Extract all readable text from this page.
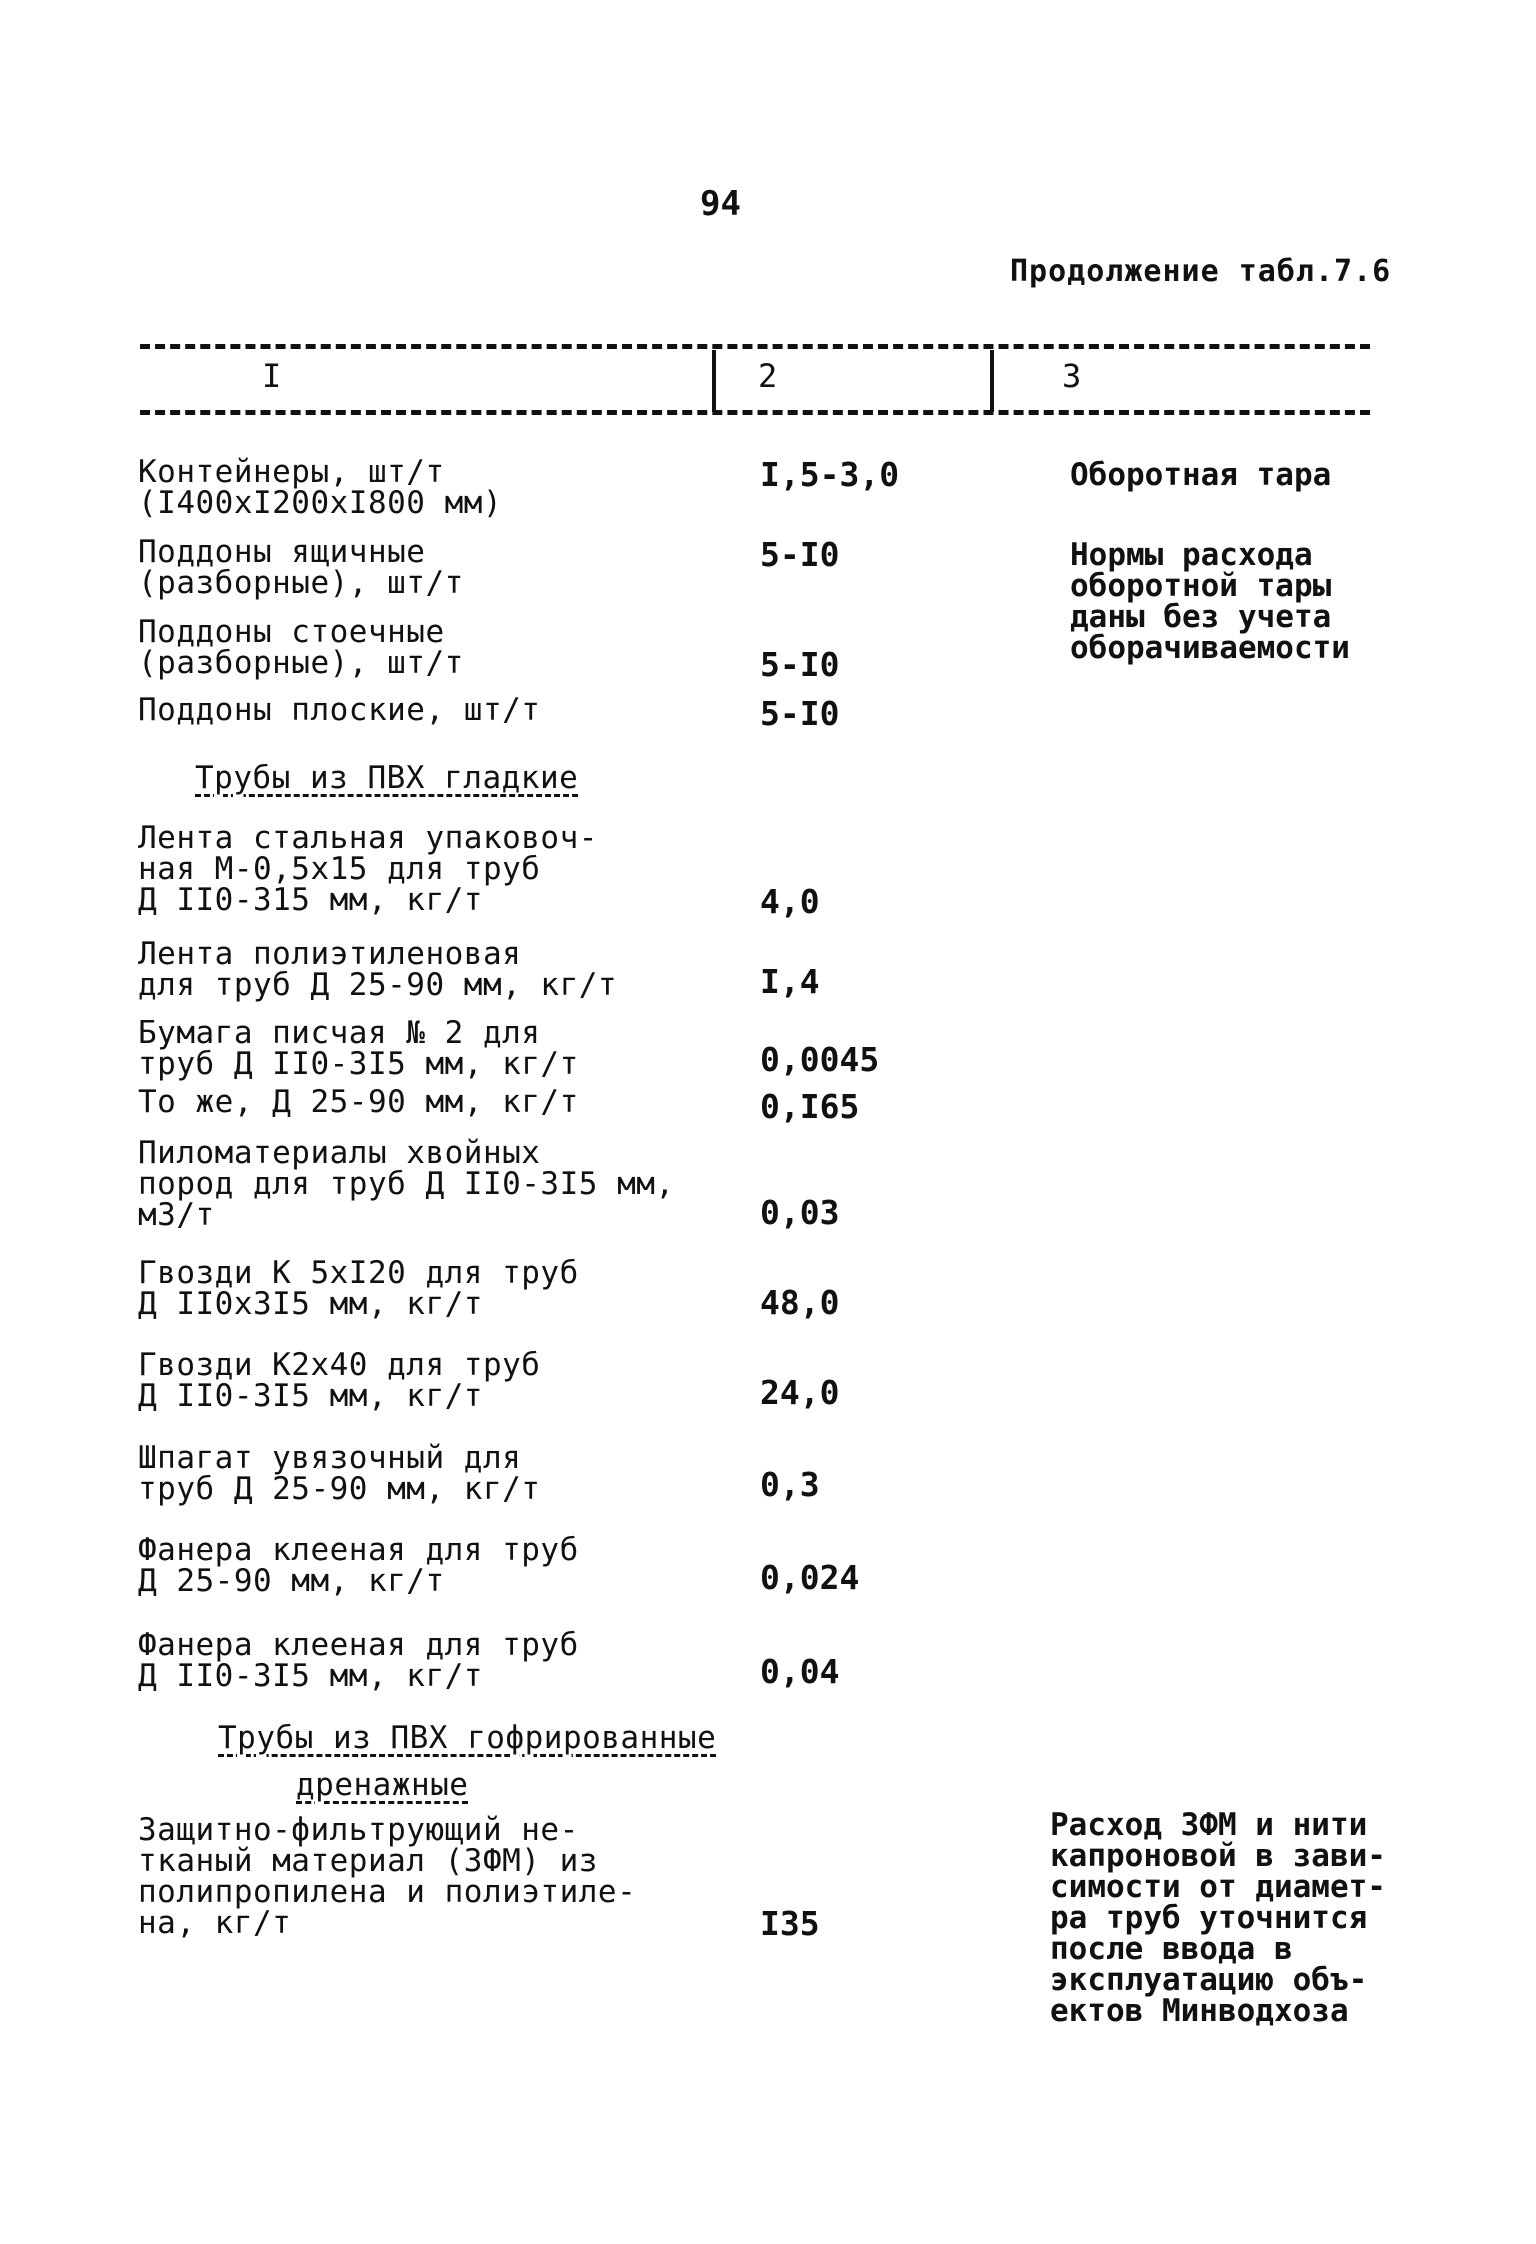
94
Продолжение табл.7.6
I	2	3
Контейнеры, шт/т
(I400xI200xI800 мм)
Поддоны ящичные
(разборные), шт/т
Поддоны стоечные
(разборные), шт/т
Поддоны плоские, шт/т
Трубы из ПВХ гладкие
Лента стальная упаковоч-
ная М-0,5x15 для труб
Д II0-315 мм, кг/т
Лента полиэтиленовая
для труб Д 25-90 мм, кг/т
Бумага писчая № 2 для
труб Д II0-3I5 мм, кг/т
То же, Д 25-90 мм, кг/т
Пиломатериалы хвойных
пород для труб Д II0-3I5 мм,
м3/т
Гвозди К 5xI20 для труб
Д II0x3I5 мм, кг/т
Гвозди К2x40 для труб
Д II0-3I5 мм, кг/т
Шпагат увязочный для
труб Д 25-90 мм, кг/т
Фанера клееная для труб
Д 25-90 мм, кг/т
Фанера клееная для труб
Д II0-3I5 мм, кг/т
Трубы из ПВХ гофрированные
дренажные
Защитно-фильтрующий не-
тканый материал (ЗФМ) из
полипропилена и полиэтиле-
на, кг/т
I,5-3,0
5-I0
5-I0
5-I0
4,0
I,4
0,0045
0,I65
0,03
48,0
24,0
0,3
0,024
0,04
I35
Оборотная тара
Нормы расхода
оборотной тары
даны без учета
оборачиваемости
Расход ЗФМ и нити
капроновой в зави-
симости от диамет-
ра труб уточнится
после ввода в
эксплуатацию объ-
ектов Минводхоза
